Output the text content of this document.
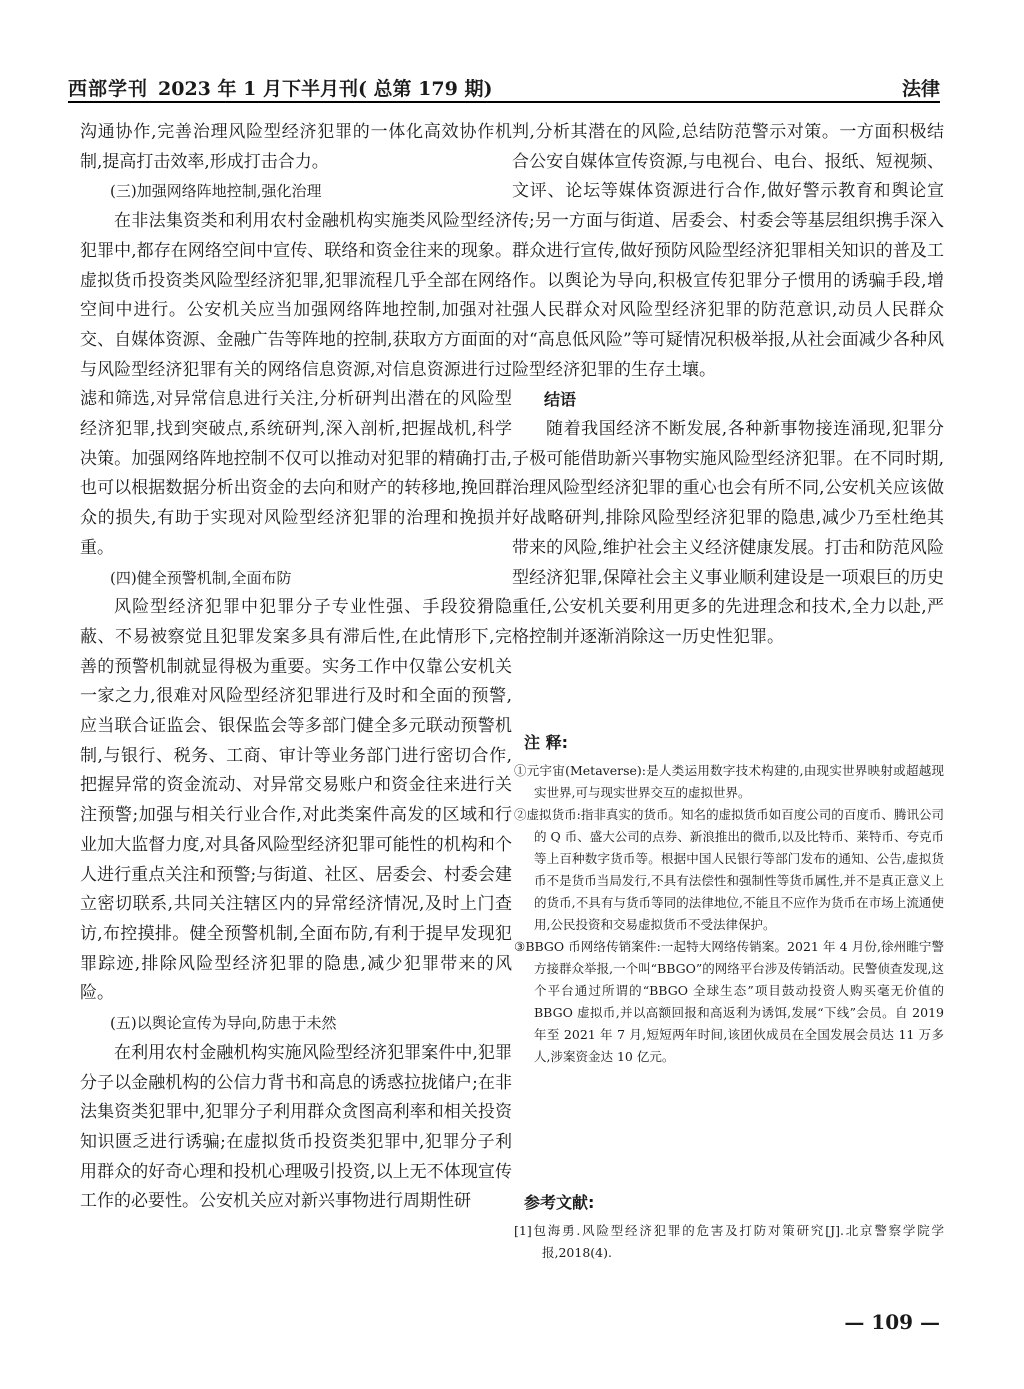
西部学刊 2023 年 1 月下半月刊( 总第 179 期)	法律

沟通协作,完善治理风险型经济犯罪的一体化高效协作机制,提高打击效率,形成打击合力。

(三)加强网络阵地控制,强化治理

在非法集资类和利用农村金融机构实施类风险型经济犯罪中,都存在网络空间中宣传、联络和资金往来的现象。虚拟货币投资类风险型经济犯罪,犯罪流程几乎全部在网络空间中进行。公安机关应当加强网络阵地控制,加强对社交、自媒体资源、金融广告等阵地的控制,获取方方面面的与风险型经济犯罪有关的网络信息资源,对信息资源进行过滤和筛选,对异常信息进行关注,分析研判出潜在的风险型经济犯罪,找到突破点,系统研判,深入剖析,把握战机,科学决策。加强网络阵地控制不仅可以推动对犯罪的精确打击,也可以根据数据分析出资金的去向和财产的转移地,挽回群众的损失,有助于实现对风险型经济犯罪的治理和挽损并重。

(四)健全预警机制,全面布防

风险型经济犯罪中犯罪分子专业性强、手段狡猾隐蔽、不易被察觉且犯罪发案多具有滞后性,在此情形下,完善的预警机制就显得极为重要。实务工作中仅靠公安机关一家之力,很难对风险型经济犯罪进行及时和全面的预警,应当联合证监会、银保监会等多部门健全多元联动预警机制,与银行、税务、工商、审计等业务部门进行密切合作,把握异常的资金流动、对异常交易账户和资金往来进行关注预警;加强与相关行业合作,对此类案件高发的区域和行业加大监督力度,对具备风险型经济犯罪可能性的机构和个人进行重点关注和预警;与街道、社区、居委会、村委会建立密切联系,共同关注辖区内的异常经济情况,及时上门查访,布控摸排。健全预警机制,全面布防,有利于提早发现犯罪踪迹,排除风险型经济犯罪的隐患,减少犯罪带来的风险。

(五)以舆论宣传为导向,防患于未然

在利用农村金融机构实施风险型经济犯罪案件中,犯罪分子以金融机构的公信力背书和高息的诱惑拉拢储户;在非法集资类犯罪中,犯罪分子利用群众贪图高利率和相关投资知识匮乏进行诱骗;在虚拟货币投资类犯罪中,犯罪分子利用群众的好奇心理和投机心理吸引投资,以上无不体现宣传工作的必要性。公安机关应对新兴事物进行周期性研

判,分析其潜在的风险,总结防范警示对策。一方面积极结合公安自媒体宣传资源,与电视台、电台、报纸、短视频、文评、论坛等媒体资源进行合作,做好警示教育和舆论宣传;另一方面与街道、居委会、村委会等基层组织携手深入群众进行宣传,做好预防风险型经济犯罪相关知识的普及工作。以舆论为导向,积极宣传犯罪分子惯用的诱骗手段,增强人民群众对风险型经济犯罪的防范意识,动员人民群众对“高息低风险”等可疑情况积极举报,从社会面减少各种风险型经济犯罪的生存土壤。

结语

随着我国经济不断发展,各种新事物接连涌现,犯罪分子极可能借助新兴事物实施风险型经济犯罪。在不同时期,治理风险型经济犯罪的重心也会有所不同,公安机关应该做好战略研判,排除风险型经济犯罪的隐患,减少乃至杜绝其带来的风险,维护社会主义经济健康发展。打击和防范风险型经济犯罪,保障社会主义事业顺利建设是一项艰巨的历史重任,公安机关要利用更多的先进理念和技术,全力以赴,严格控制并逐渐消除这一历史性犯罪。

注 释:

①元宇宙(Metaverse):是人类运用数字技术构建的,由现实世界映射或超越现实世界,可与现实世界交互的虚拟世界。

②虚拟货币:指非真实的货币。知名的虚拟货币如百度公司的百度币、腾讯公司的 Q 币、盛大公司的点券、新浪推出的微币,以及比特币、莱特币、夸克币等上百种数字货币等。根据中国人民银行等部门发布的通知、公告,虚拟货币不是货币当局发行,不具有法偿性和强制性等货币属性,并不是真正意义上的货币,不具有与货币等同的法律地位,不能且不应作为货币在市场上流通使用,公民投资和交易虚拟货币不受法律保护。

③BBGO 币网络传销案件:一起特大网络传销案。2021 年 4 月份,徐州睢宁警方接群众举报,一个叫“BBGO”的网络平台涉及传销活动。民警侦查发现,这个平台通过所谓的“BBGO 全球生态”项目鼓动投资人购买毫无价值的 BBGO 虚拟币,并以高额回报和高返利为诱饵,发展“下线”会员。自 2019 年至 2021 年 7 月,短短两年时间,该团伙成员在全国发展会员达 11 万多人,涉案资金达 10 亿元。

参考文献:

[1]包海勇.风险型经济犯罪的危害及打防对策研究[J].北京警察学院学报,2018(4).

— 109 —
